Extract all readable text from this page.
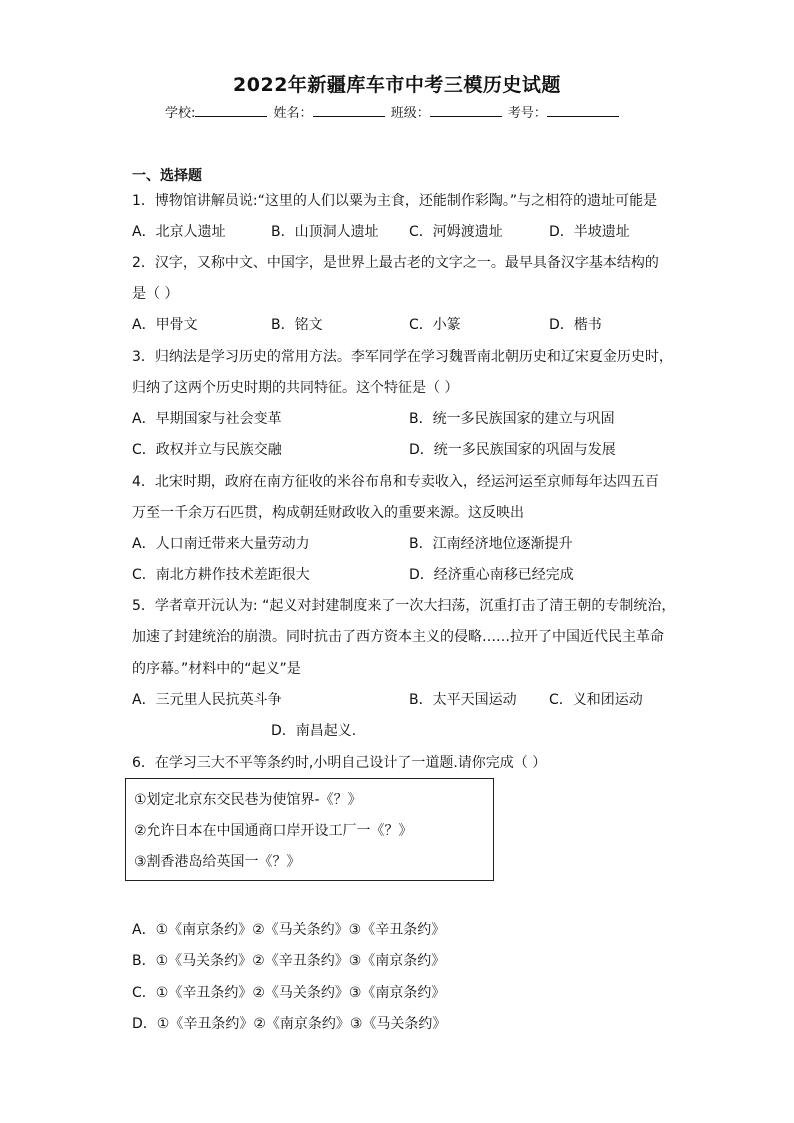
2022年新疆库车市中考三模历史试题
学校:	姓名：	班级：	考号：
一、选择题
1．博物馆讲解员说:“这里的人们以粟为主食，还能制作彩陶。”与之相符的遗址可能是
A．北京人遗址	B．山顶洞人遗址 C．河姆渡遗址	D．半坡遗址
2．汉字，又称中文、中国字，是世界上最古老的文字之一。最早具备汉字基本结构的
是（ ）
A．甲骨文	B．铭文	C．小篆	D．楷书
3．归纳法是学习历史的常用方法。李军同学在学习魏晋南北朝历史和辽宋夏金历史时，
归纳了这两个历史时期的共同特征。这个特征是（ ）
A．早期国家与社会变革	B．统一多民族国家的建立与巩固
C．政权并立与民族交融	D．统一多民族国家的巩固与发展
4．北宋时期，政府在南方征收的米谷布帛和专卖收入，经运河运至京师每年达四五百
万至一千余万石匹贯，构成朝廷财政收入的重要来源。这反映出
A．人口南迁带来大量劳动力	B．江南经济地位逐渐提升
C．南北方耕作技术差距很大	D．经济重心南移已经完成
5．学者章开沅认为: “起义对封建制度来了一次大扫荡，沉重打击了清王朝的专制统治，
加速了封建统治的崩溃。同时抗击了西方资本主义的侵略……拉开了中国近代民主革命
的序幕。”材料中的“起义”是
A．三元里人民抗英斗争	B．太平天国运动 C．义和团运动
D．南昌起义.
6．在学习三大不平等条约时,小明自己设计了一道题.请你完成（ ）
①划定北京东交民巷为使馆界-《？》
②允许日本在中国通商口岸开设工厂一《？》
③割香港岛给英国一《？》
A．①《南京条约》②《马关条约》③《辛丑条约》
B．①《马关条约》②《辛丑条约》③《南京条约》
C．①《辛丑条约》②《马关条约》③《南京条约》
D．①《辛丑条约》②《南京条约》③《马关条约》
